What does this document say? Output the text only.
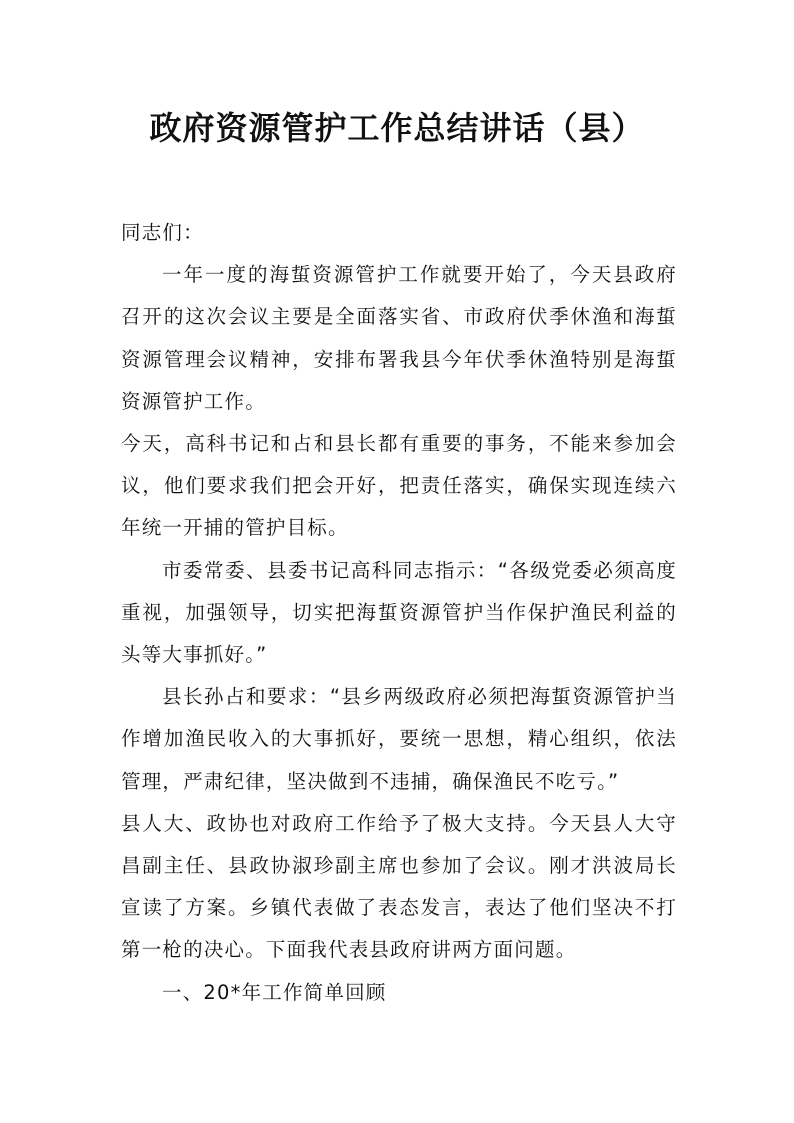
政府资源管护工作总结讲话（县）

同志们：

一年一度的海蜇资源管护工作就要开始了，今天县政府召开的这次会议主要是全面落实省、市政府伏季休渔和海蜇资源管理会议精神，安排布署我县今年伏季休渔特别是海蜇资源管护工作。

今天，高科书记和占和县长都有重要的事务，不能来参加会议，他们要求我们把会开好，把责任落实，确保实现连续六年统一开捕的管护目标。

市委常委、县委书记高科同志指示：“各级党委必须高度重视，加强领导，切实把海蜇资源管护当作保护渔民利益的头等大事抓好。”

县长孙占和要求：“县乡两级政府必须把海蜇资源管护当作增加渔民收入的大事抓好，要统一思想，精心组织，依法管理，严肃纪律，坚决做到不违捕，确保渔民不吃亏。”

县人大、政协也对政府工作给予了极大支持。今天县人大守昌副主任、县政协淑珍副主席也参加了会议。刚才洪波局长宣读了方案。乡镇代表做了表态发言，表达了他们坚决不打第一枪的决心。下面我代表县政府讲两方面问题。

一、20*年工作简单回顾
